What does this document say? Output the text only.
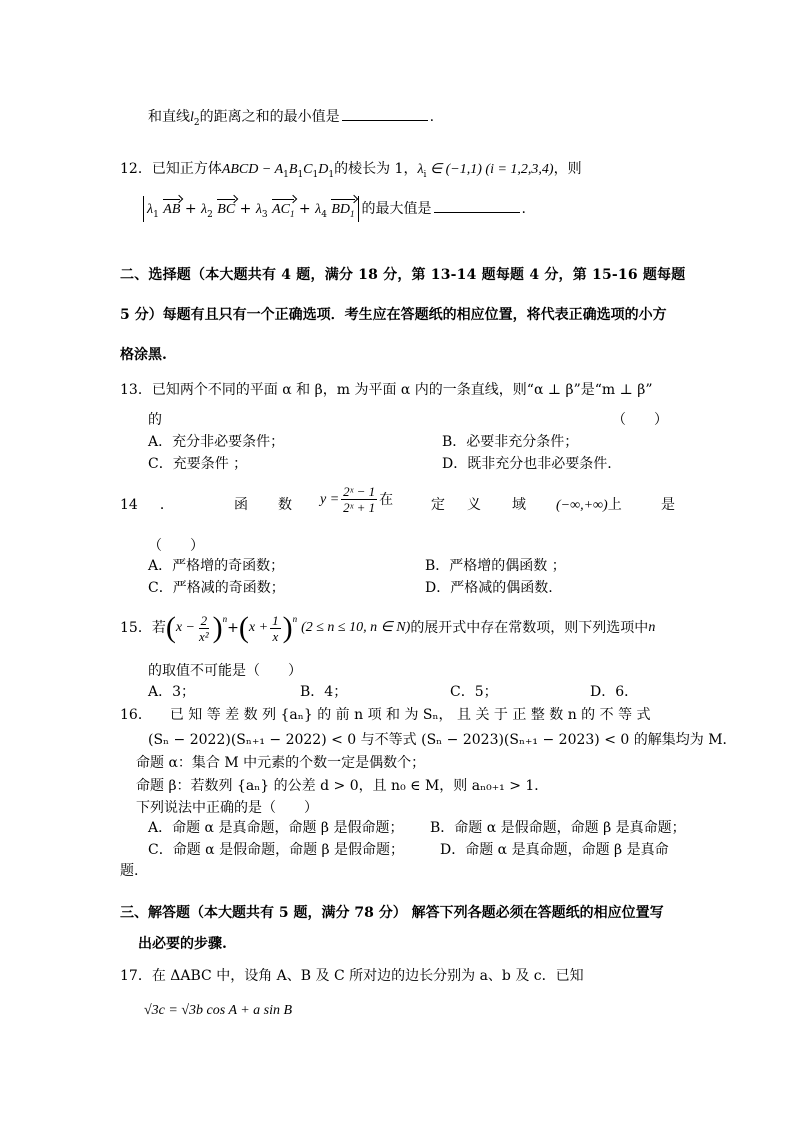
和直线$l_2$的距离之和的最小值是	.
12．已知正方体ABCD − $A_1B_1C_1D_1$的棱长为 1，$\lambda_i$ ∈ (−1,1) (i = 1,2,3,4)，则
$\lambda_1$ AB + $\lambda_2$ BC + $\lambda_3$ $AC_1 + \lambda_4$ $BD_1$ 的最大值是	.
二、选择题（本大题共有 4 题，满分 18 分，第 13-14 题每题 4 分，第 15-16 题每题
5 分）每题有且只有一个正确选项．考生应在答题纸的相应位置，将代表正确选项的小方
格涂黑.
13．已知两个不同的平面 α 和 β，m 为平面 α 内的一条直线，则“α ⊥ β”是“m ⊥ β”
的	（　　）
A．充分非必要条件；	B．必要非充分条件；
C．充要条件 ；	D．既非充分也非必要条件.
14 ．	函 数 $y = \frac{\text{2ˣ − 1}}{\text{2ˣ + 1}}$ 在	定 义 域 (−∞,+∞)上	是
（　　）
A．严格增的奇函数；	B．严格增的偶函数 ；
C．严格减的奇函数；	D．严格减的偶函数.
15． 若 ( $x - \frac{2}{\text{x²}} )^n$
+ ( $x + \frac{1}{x} )^n$
(2 ≤ n ≤ 10, n ∈ N) 的展开式中存在常数项，则下列选项中 n
的取值不可能是（　　）
A．3；	B．4；	C．5；	D．6．
16． 已 知 等 差 数 列 {aₙ} 的 前 n 项 和 为 Sₙ， 且 关 于 正 整 数 n 的 不 等 式
(Sₙ − 2022)(Sₙ₊₁ − 2022) < 0 与不等式 (Sₙ − 2023)(Sₙ₊₁ − 2023) < 0 的解集均为 M．
命题 α：集合 M 中元素的个数一定是偶数个；
命题 β：若数列 {aₙ} 的公差 d > 0，且 n₀ ∈ M，则 aₙ₀₊₁ > 1．
下列说法中正确的是（　　）
A．命题 α 是真命题，命题 β 是假命题； B．命题 α 是假命题，命题 β 是真命题；
C．命题 α 是假命题，命题 β 是假命题；	D．命题 α 是真命题，命题 β 是真命
题.
三、解答题（本大题共有 5 题，满分 78 分） 解答下列各题必须在答题纸的相应位置写
出必要的步骤.
17．在 ΔABC 中，设角 A、B 及 C 所对边的边长分别为 a、b 及 c．已知
√3c = √3b cos A + a sin B
